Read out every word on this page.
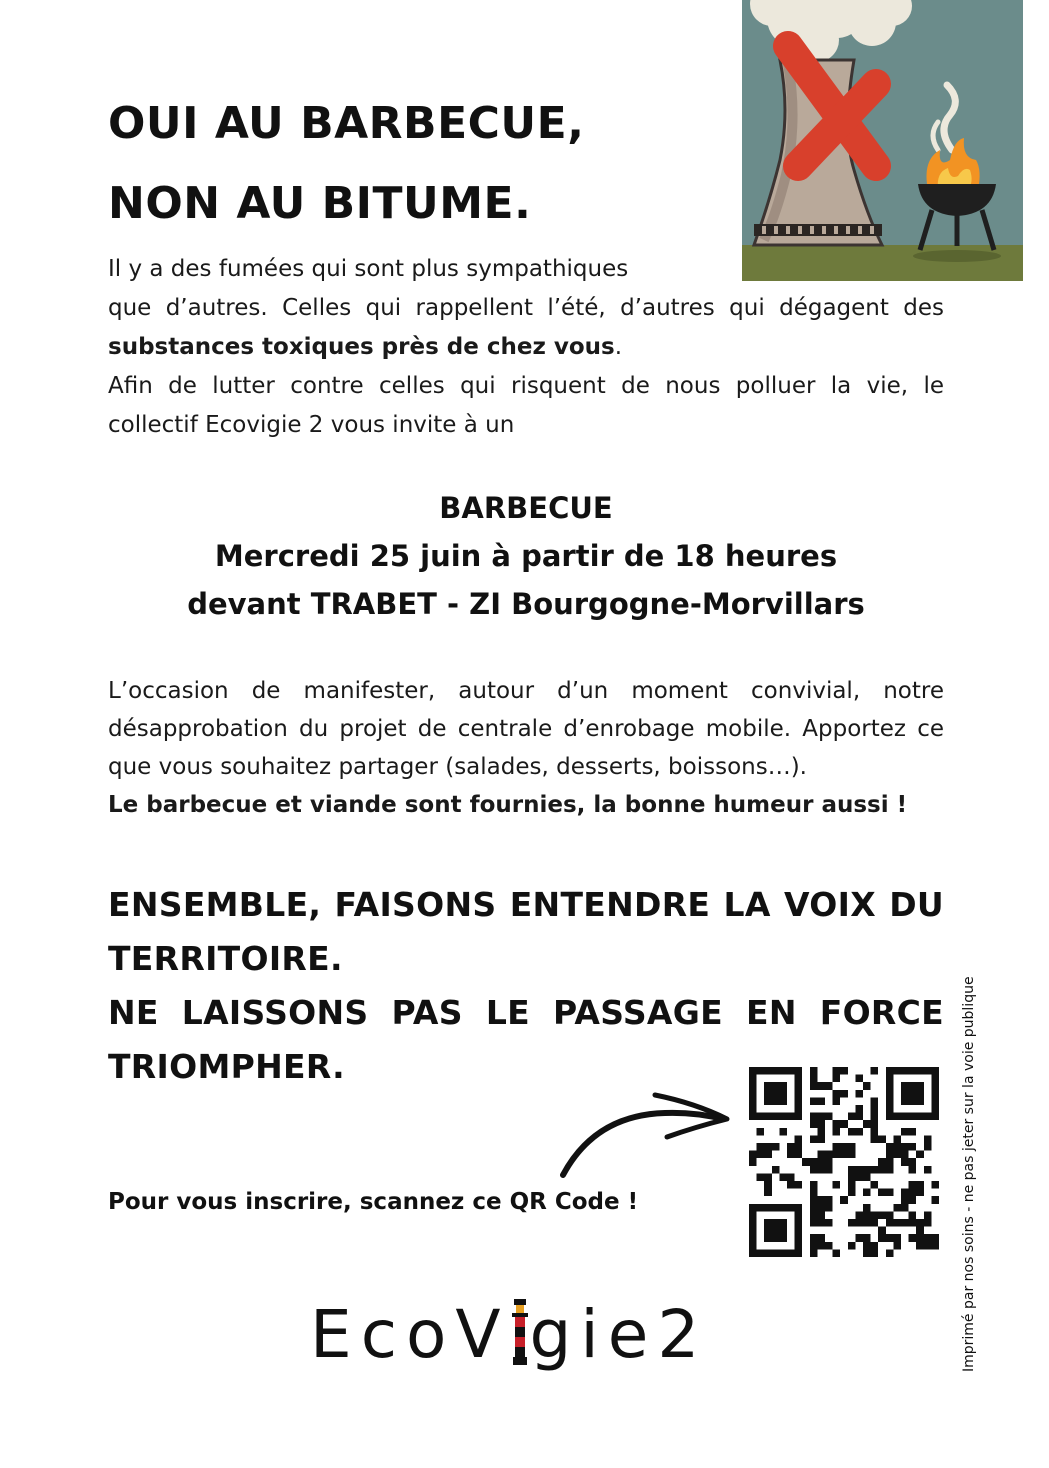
OUI AU BARBECUE,
NON AU BITUME.

Il y a des fumées qui sont plus sympathiques

que d’autres. Celles qui rappellent l’été, d’autres qui dégagent des substances toxiques près de chez vous.

Afin de lutter contre celles qui risquent de nous polluer la vie, le collectif Ecovigie 2 vous invite à un

BARBECUE
Mercredi 25 juin à partir de 18 heures
devant TRABET - ZI Bourgogne-Morvillars

L’occasion de manifester, autour d’un moment convivial, notre désapprobation du projet de centrale d’enrobage mobile. Apportez ce que vous souhaitez partager (salades, desserts, boissons…).

Le barbecue et viande sont fournies, la bonne humeur aussi !

ENSEMBLE, FAISONS ENTENDRE LA VOIX DU TERRITOIRE.

NE LAISSONS PAS LE PASSAGE EN FORCE TRIOMPHER.

Pour vous inscrire, scannez ce QR Code !
EcoV gie2	Imprimé par nos soins - ne pas jeter sur la voie publique
